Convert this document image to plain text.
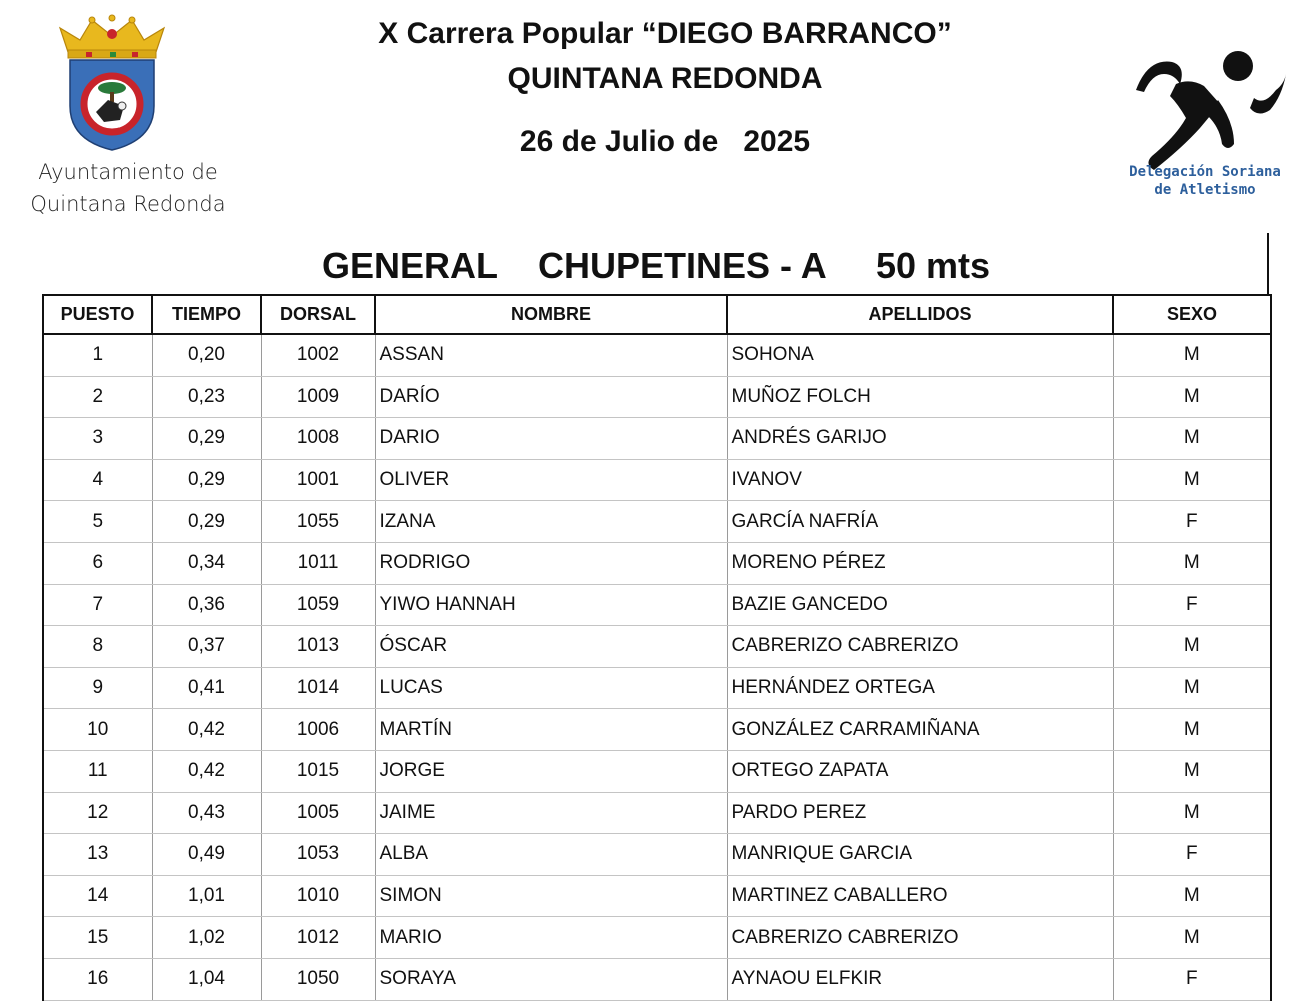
Ayuntamiento de
Quintana Redonda
X Carrera Popular “DIEGO BARRANCO”
QUINTANA REDONDA
26 de Julio de   2025
Delegación Soriana
de Atletismo
GENERAL CHUPETINES - A 50 mts
PUESTO	TIEMPO	DORSAL	NOMBRE	APELLIDOS	SEXO
1	0,20	1002	ASSAN	SOHONA	M
2	0,23	1009	DARÍO	MUÑOZ FOLCH	M
3	0,29	1008	DARIO	ANDRÉS GARIJO	M
4	0,29	1001	OLIVER	IVANOV	M
5	0,29	1055	IZANA	GARCÍA NAFRÍA	F
6	0,34	1011	RODRIGO	MORENO PÉREZ	M
7	0,36	1059	YIWO HANNAH	BAZIE GANCEDO	F
8	0,37	1013	ÓSCAR	CABRERIZO CABRERIZO	M
9	0,41	1014	LUCAS	HERNÁNDEZ ORTEGA	M
10	0,42	1006	MARTÍN	GONZÁLEZ CARRAMIÑANA	M
11	0,42	1015	JORGE	ORTEGO ZAPATA	M
12	0,43	1005	JAIME	PARDO PEREZ	M
13	0,49	1053	ALBA	MANRIQUE GARCIA	F
14	1,01	1010	SIMON	MARTINEZ CABALLERO	M
15	1,02	1012	MARIO	CABRERIZO CABRERIZO	M
16	1,04	1050	SORAYA	AYNAOU ELFKIR	F
